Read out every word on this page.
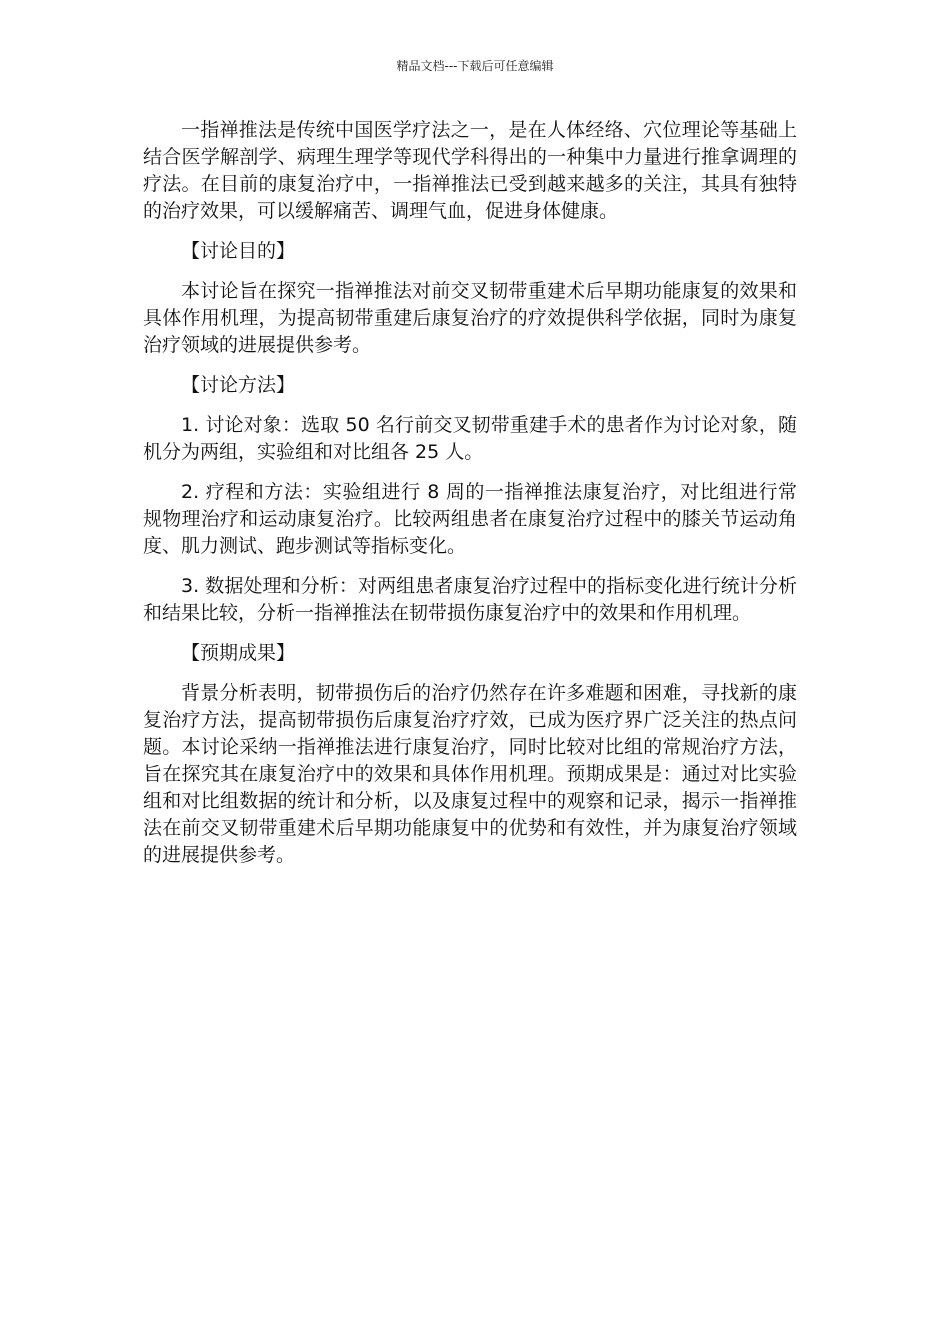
精品文档---下载后可任意编辑

一指禅推法是传统中国医学疗法之一，是在人体经络、穴位理论等基础上结合医学解剖学、病理生理学等现代学科得出的一种集中力量进行推拿调理的疗法。在目前的康复治疗中，一指禅推法已受到越来越多的关注，其具有独特的治疗效果，可以缓解痛苦、调理气血，促进身体健康。

【讨论目的】

本讨论旨在探究一指禅推法对前交叉韧带重建术后早期功能康复的效果和具体作用机理，为提高韧带重建后康复治疗的疗效提供科学依据，同时为康复治疗领域的进展提供参考。

【讨论方法】

1. 讨论对象：选取 50 名行前交叉韧带重建手术的患者作为讨论对象，随机分为两组，实验组和对比组各 25 人。

2. 疗程和方法：实验组进行 8 周的一指禅推法康复治疗，对比组进行常规物理治疗和运动康复治疗。比较两组患者在康复治疗过程中的膝关节运动角度、肌力测试、跑步测试等指标变化。

3. 数据处理和分析：对两组患者康复治疗过程中的指标变化进行统计分析和结果比较，分析一指禅推法在韧带损伤康复治疗中的效果和作用机理。

【预期成果】

背景分析表明，韧带损伤后的治疗仍然存在许多难题和困难，寻找新的康复治疗方法，提高韧带损伤后康复治疗疗效，已成为医疗界广泛关注的热点问题。本讨论采纳一指禅推法进行康复治疗，同时比较对比组的常规治疗方法，旨在探究其在康复治疗中的效果和具体作用机理。预期成果是：通过对比实验组和对比组数据的统计和分析，以及康复过程中的观察和记录，揭示一指禅推法在前交叉韧带重建术后早期功能康复中的优势和有效性，并为康复治疗领域的进展提供参考。
